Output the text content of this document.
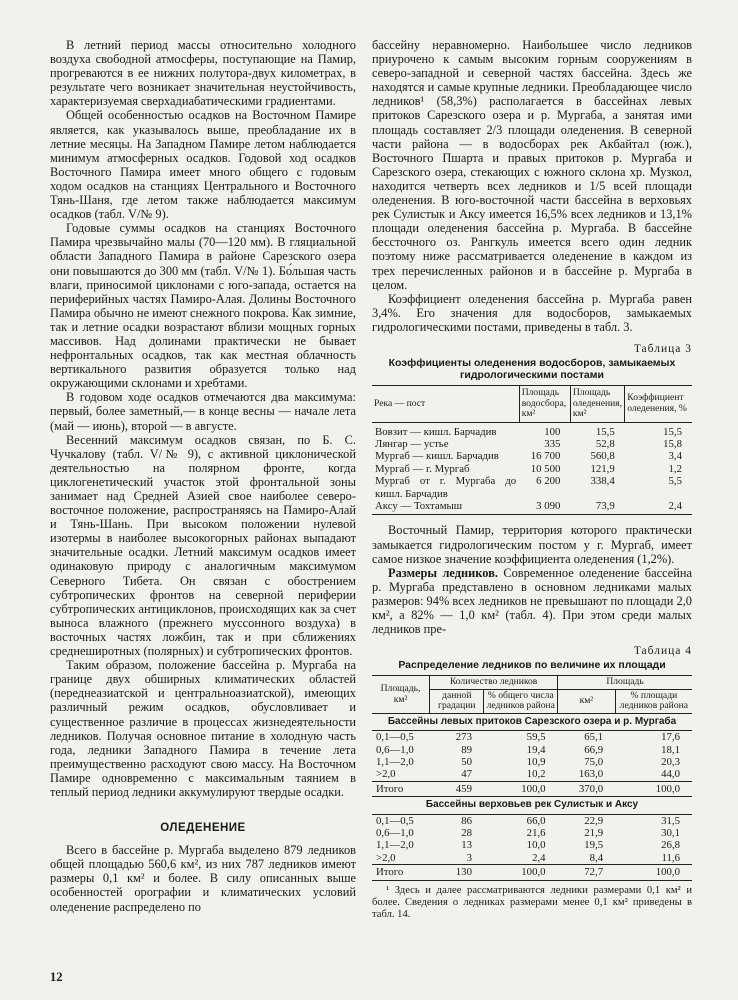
В летний период массы относительно холодного воздуха свободной атмосферы, поступающие на Памир, прогреваются в ее нижних полутора-двух километрах, в результате чего возникает значительная неустойчивость, характеризуемая сверхадиабатическими градиентами.

Общей особенностью осадков на Восточном Памире является, как указывалось выше, преобладание их в летние месяцы. На Западном Памире летом наблюдается минимум атмосферных осадков. Годовой ход осадков Восточного Памира имеет много общего с годовым ходом осадков на станциях Центрального и Восточного Тянь-Шаня, где летом также наблюдается максимум осадков (табл. V/№ 9).

Годовые суммы осадков на станциях Восточного Памира чрезвычайно малы (70—120 мм). В гляциальной области Западного Памира в районе Сарезского озера они повышаются до 300 мм (табл. V/№ 1). Бо́льшая часть влаги, приносимой циклонами с юго-запада, остается на периферийных частях Памиро-Алая. Долины Восточного Памира обычно не имеют снежного покрова. Как зимние, так и летние осадки возрастают вблизи мощных горных массивов. Над долинами практически не бывает нефронтальных осадков, так как местная облачность вертикального развития образуется только над окружающими склонами и хребтами.

В годовом ходе осадков отмечаются два максимума: первый, более заметный,— в конце весны — начале лета (май — июнь), второй — в августе.

Весенний максимум осадков связан, по Б. С. Чучкалову (табл. V/№ 9), с активной циклонической деятельностью на полярном фронте, когда циклогенетический участок этой фронтальной зоны занимает над Средней Азией свое наиболее северо-восточное положение, распространяясь на Памиро-Алай и Тянь-Шань. При высоком положении нулевой изотермы в наиболее высокогорных районах выпадают значительные осадки. Летний максимум осадков имеет одинаковую природу с аналогичным максимумом Северного Тибета. Он связан с обострением субтропических фронтов на северной периферии субтропических антициклонов, происходящих как за счет выноса влажного (прежнего муссонного воздуха) в восточных частях ложбин, так и при сближениях среднеширотных (полярных) и субтропических фронтов.

Таким образом, положение бассейна р. Мургаба на границе двух обширных климатических областей (переднеазиатской и центральноазиатской), имеющих различный режим осадков, обусловливает и существенное различие в процессах жизнедеятельности ледников. Получая основное питание в холодную часть года, ледники Западного Памира в течение лета преимущественно расходуют свою массу. На Восточном Памире одновременно с максимальным таянием в теплый период ледники аккумулируют твердые осадки.

ОЛЕДЕНЕНИЕ

Всего в бассейне р. Мургаба выделено 879 ледников общей площадью 560,6 км², из них 787 ледников имеют размеры 0,1 км² и более. В силу описанных выше особенностей орографии и климатических условий оледенение распределено по

бассейну неравномерно. Наибольшее число ледников приурочено к самым высоким горным сооружениям в северо-западной и северной частях бассейна. Здесь же находятся и самые крупные ледники. Преобладающее число ледников¹ (58,3%) располагается в бассейнах левых притоков Сарезского озера и р. Мургаба, а занятая ими площадь составляет 2/3 площади оледенения. В северной части района — в водосборах рек Акбайтал (юж.), Восточного Пшарта и правых притоков р. Мургаба и Сарезского озера, стекающих с южного склона хр. Музкол, находится четверть всех ледников и 1/5 всей площади оледенения. В юго-восточной части бассейна в верховьях рек Сулистык и Аксу имеется 16,5% всех ледников и 13,1% площади оледенения бассейна р. Мургаба. В бассейне бессточного оз. Рангкуль имеется всего один ледник поэтому ниже рассматривается оледенение в каждом из трех перечисленных районов и в бассейне р. Мургаба в целом.

Коэффициент оледенения бассейна р. Мургаба равен 3,4%. Его значения для водосборов, замыкаемых гидрологическими постами, приведены в табл. 3.

Таблица 3
Коэффициенты оледенения водосборов, замыкаемых гидрологическими постами
Река — пост	Площадь водосбора, км²	Площадь оледенения, км²	Коэффициент оледенения, %
Вовзит — кишл. Барчадив	100	15,5	15,5
Лянгар — устье	335	52,8	15,8
Мургаб — кишл. Барчадив	16 700	560,8	3,4
Мургаб — г. Мургаб	10 500	121,9	1,2
Мургаб от г. Мургаба до кишл. Барчадив	6 200	338,4	5,5
Аксу — Тохтамыш	3 090	73,9	2,4

Восточный Памир, территория которого практически замыкается гидрологическим постом у г. Мургаб, имеет самое низкое значение коэффициента оледенения (1,2%).

Размеры ледников. Современное оледенение бассейна р. Мургаба представлено в основном ледниками малых размеров: 94% всех ледников не превышают по площади 2,0 км², а 82% — 1,0 км² (табл. 4). При этом среди малых ледников пре-

Таблица 4
Распределение ледников по величине их площади
Площадь, км²	Количество ледников		Площадь	
	данной градации	% общего числа ледников района	км²	% площади ледников района
Бассейны левых притоков Сарезского озера и р. Мургаба				
0,1—0,5	273	59,5	65,1	17,6
0,6—1,0	89	19,4	66,9	18,1
1,1—2,0	50	10,9	75,0	20,3
>2,0	47	10,2	163,0	44,0
Итого	459	100,0	370,0	100,0
Бассейны верховьев рек Сулистык и Аксу				
0,1—0,5	86	66,0	22,9	31,5
0,6—1,0	28	21,6	21,9	30,1
1,1—2,0	13	10,0	19,5	26,8
>2,0	3	2,4	8,4	11,6
Итого	130	100,0	72,7	100,0

¹ Здесь и далее рассматриваются ледники размерами 0,1 км² и более. Сведения о ледниках размерами менее 0,1 км² приведены в табл. 14.

12
